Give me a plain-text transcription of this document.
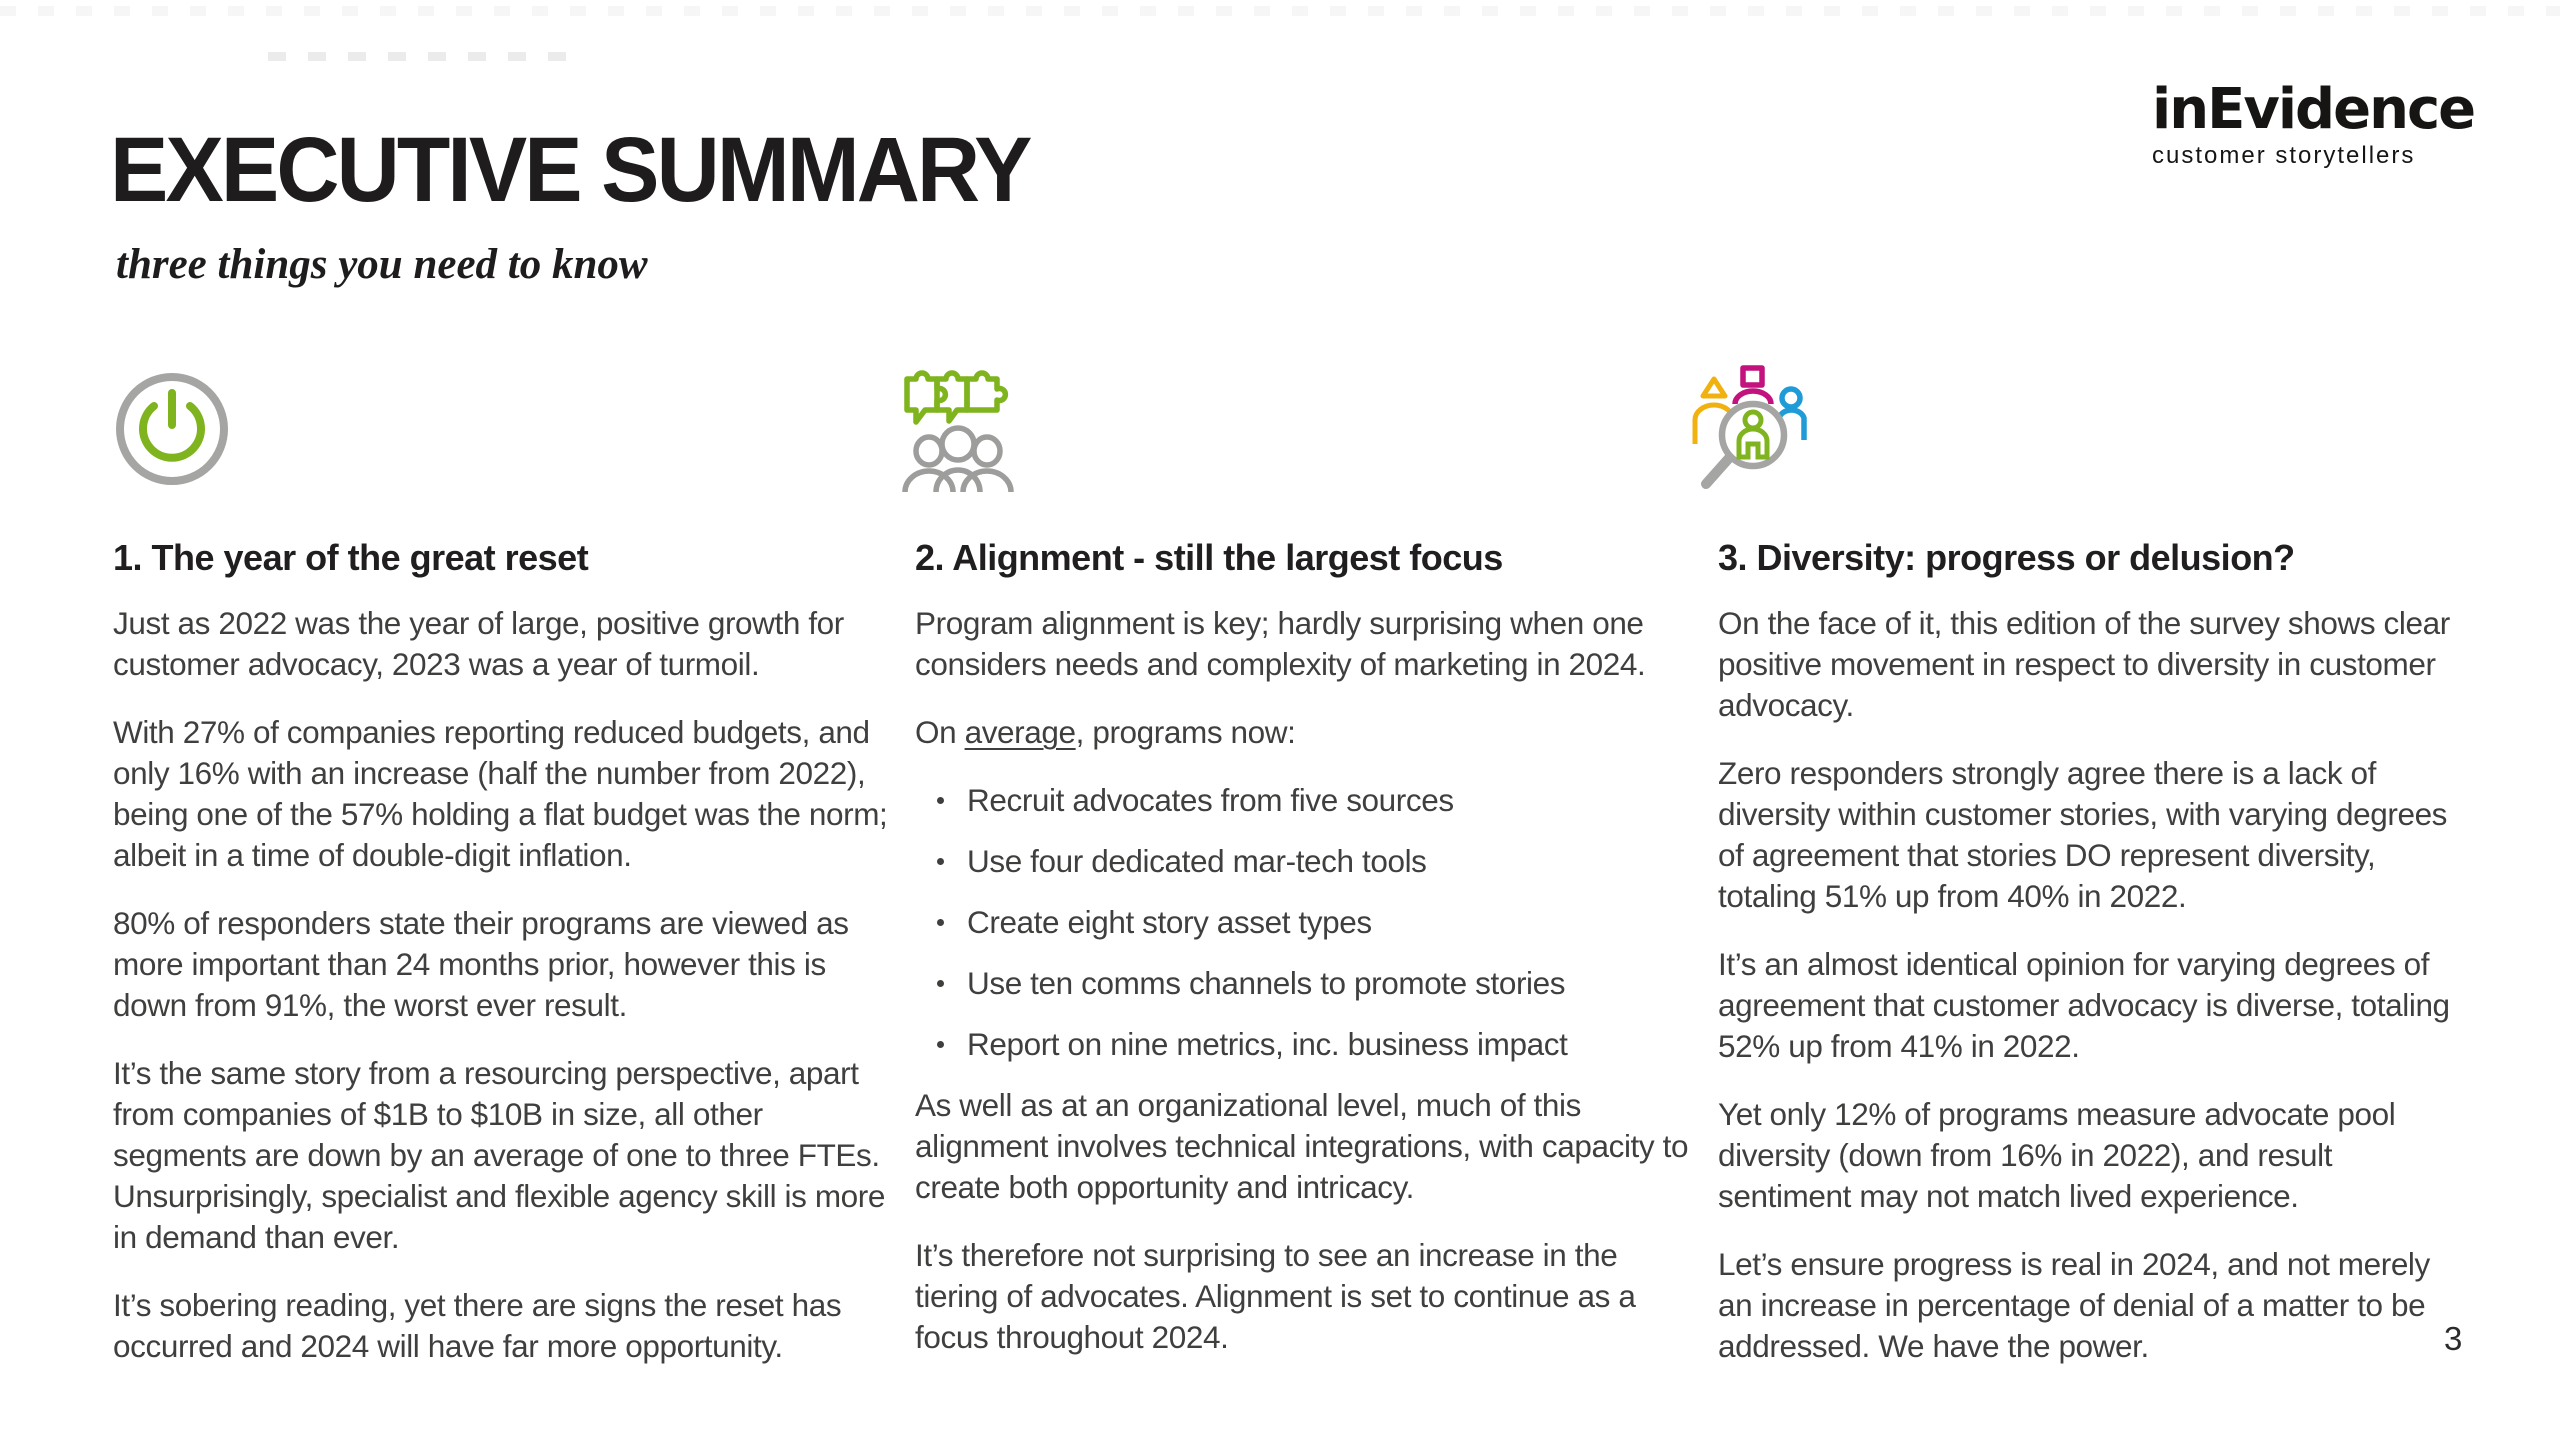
EXECUTIVE SUMMARY
three things you need to know
inEvidence
customer storytellers
1. The year of the great reset

Just as 2022 was the year of large, positive growth for customer advocacy, 2023 was a year of turmoil.

With 27% of companies reporting reduced budgets, and only 16% with an increase (half the number from 2022), being one of the 57% holding a flat budget was the norm; albeit in a time of double-digit inflation.

80% of responders state their programs are viewed as more important than 24 months prior, however this is down from 91%, the worst ever result.

It’s the same story from a resourcing perspective, apart from companies of $1B to $10B in size, all other segments are down by an average of one to three FTEs. Unsurprisingly, specialist and flexible agency skill is more in demand than ever.

It’s sobering reading, yet there are signs the reset has occurred and 2024 will have far more opportunity.

2. Alignment - still the largest focus

Program alignment is key; hardly surprising when one considers needs and complexity of marketing in 2024.

On average, programs now:

Recruit advocates from five sources
Use four dedicated mar-tech tools
Create eight story asset types
Use ten comms channels to promote stories
Report on nine metrics, inc. business impact

As well as at an organizational level, much of this alignment involves technical integrations, with capacity to create both opportunity and intricacy.

It’s therefore not surprising to see an increase in the tiering of advocates. Alignment is set to continue as a focus throughout 2024.

3. Diversity: progress or delusion?

On the face of it, this edition of the survey shows clear positive movement in respect to diversity in customer advocacy.

Zero responders strongly agree there is a lack of diversity within customer stories, with varying degrees of agreement that stories DO represent diversity, totaling 51% up from 40% in 2022.

It’s an almost identical opinion for varying degrees of agreement that customer advocacy is diverse, totaling 52% up from 41% in 2022.

Yet only 12% of programs measure advocate pool diversity (down from 16% in 2022), and result sentiment may not match lived experience.

Let’s ensure progress is real in 2024, and not merely an increase in percentage of denial of a matter to be addressed. We have the power.	3
